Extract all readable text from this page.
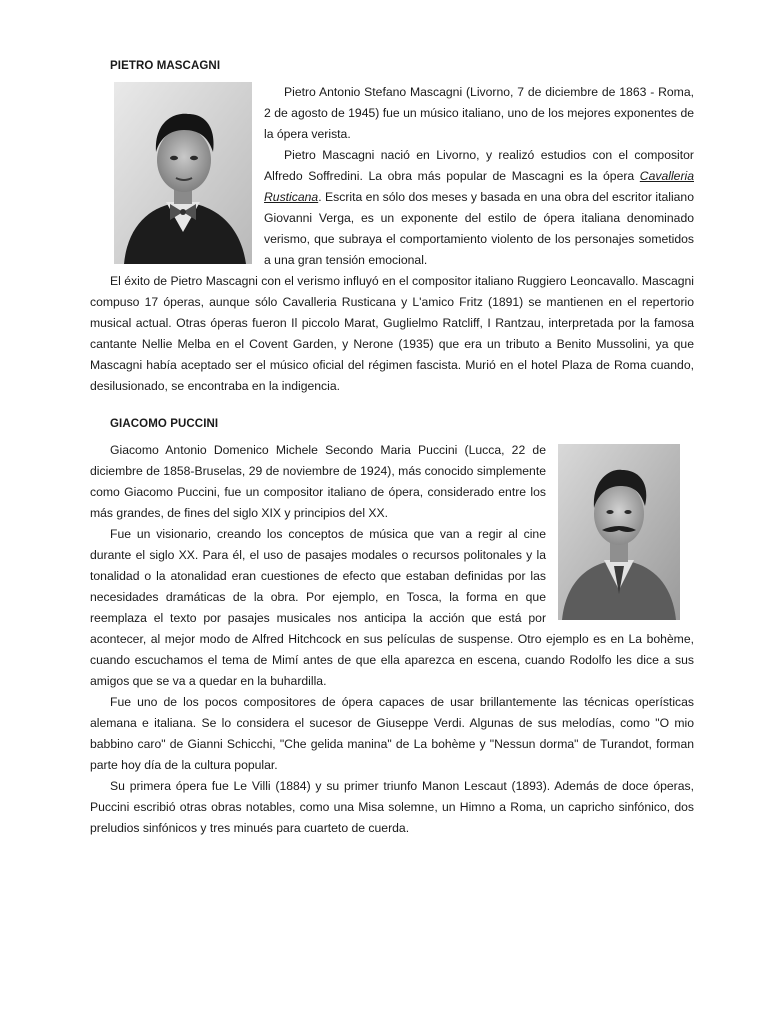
PIETRO MASCAGNI

Pietro Antonio Stefano Mascagni (Livorno, 7 de diciembre de 1863 - Roma, 2 de agosto de 1945) fue un músico italiano, uno de los mejores exponentes de la ópera verista.

Pietro Mascagni nació en Livorno, y realizó estudios con el compositor Alfredo Soffredini. La obra más popular de Mascagni es la ópera Cavalleria Rusticana. Escrita en sólo dos meses y basada en una obra del escritor italiano Giovanni Verga, es un exponente del estilo de ópera italiana denominado verismo, que subraya el comportamiento violento de los personajes sometidos a una gran tensión emocional.

El éxito de Pietro Mascagni con el verismo influyó en el compositor italiano Ruggiero Leoncavallo. Mascagni compuso 17 óperas, aunque sólo Cavalleria Rusticana y L'amico Fritz (1891) se mantienen en el repertorio musical actual. Otras óperas fueron Il piccolo Marat, Guglielmo Ratcliff, I Rantzau, interpretada por la famosa cantante Nellie Melba en el Covent Garden, y Nerone (1935) que era un tributo a Benito Mussolini, ya que Mascagni había aceptado ser el músico oficial del régimen fascista. Murió en el hotel Plaza de Roma cuando, desilusionado, se encontraba en la indigencia.

GIACOMO PUCCINI

Giacomo Antonio Domenico Michele Secondo Maria Puccini (Lucca, 22 de diciembre de 1858-Bruselas, 29 de noviembre de 1924), más conocido simplemente como Giacomo Puccini, fue un compositor italiano de ópera, considerado entre los más grandes, de fines del siglo XIX y principios del XX.

Fue un visionario, creando los conceptos de música que van a regir al cine durante el siglo XX. Para él, el uso de pasajes modales o recursos politonales y la tonalidad o la atonalidad eran cuestiones de efecto que estaban definidas por las necesidades dramáticas de la obra. Por ejemplo, en Tosca, la forma en que reemplaza el texto por pasajes musicales nos anticipa la acción que está por acontecer, al mejor modo de Alfred Hitchcock en sus películas de suspense. Otro ejemplo es en La bohème, cuando escuchamos el tema de Mimí antes de que ella aparezca en escena, cuando Rodolfo les dice a sus amigos que se va a quedar en la buhardilla.

Fue uno de los pocos compositores de ópera capaces de usar brillantemente las técnicas operísticas alemana e italiana. Se lo considera el sucesor de Giuseppe Verdi. Algunas de sus melodías, como "O mio babbino caro" de Gianni Schicchi, "Che gelida manina" de La bohème y "Nessun dorma" de Turandot, forman parte hoy día de la cultura popular.

Su primera ópera fue Le Villi (1884) y su primer triunfo Manon Lescaut (1893). Además de doce óperas, Puccini escribió otras obras notables, como una Misa solemne, un Himno a Roma, un capricho sinfónico, dos preludios sinfónicos y tres minués para cuarteto de cuerda.
